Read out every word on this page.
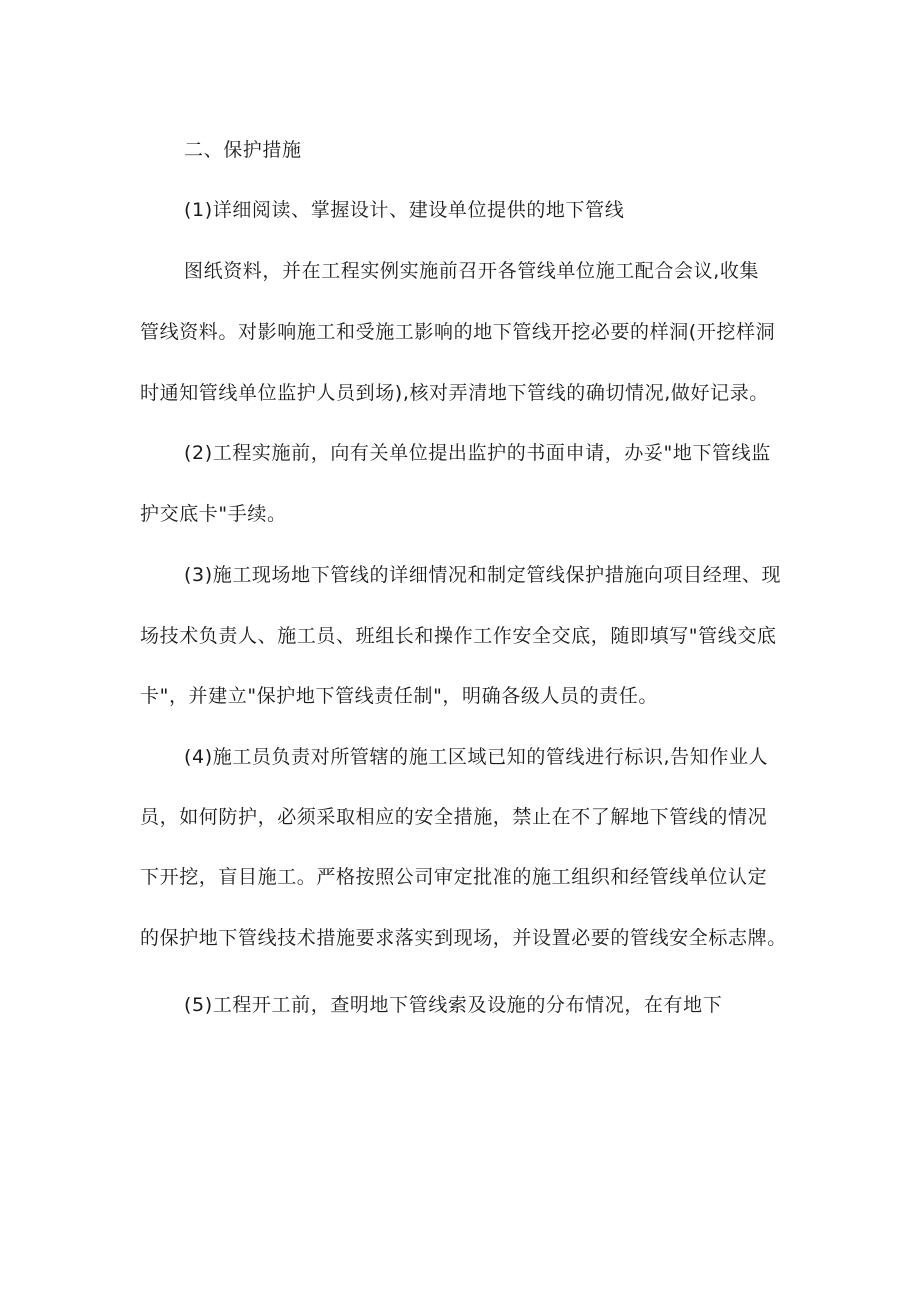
二、保护措施
(1)详细阅读、掌握设计、建设单位提供的地下管线
图纸资料，并在工程实例实施前召开各管线单位施工配合会议,收集
管线资料。对影响施工和受施工影响的地下管线开挖必要的样洞(开挖样洞
时通知管线单位监护人员到场),核对弄清地下管线的确切情况,做好记录。
(2)工程实施前，向有关单位提出监护的书面申请，办妥"地下管线监
护交底卡"手续。
(3)施工现场地下管线的详细情况和制定管线保护措施向项目经理、现
场技术负责人、施工员、班组长和操作工作安全交底，随即填写"管线交底
卡"，并建立"保护地下管线责任制"，明确各级人员的责任。
(4)施工员负责对所管辖的施工区域已知的管线进行标识,告知作业人
员，如何防护，必须采取相应的安全措施，禁止在不了解地下管线的情况
下开挖，盲目施工。严格按照公司审定批准的施工组织和经管线单位认定
的保护地下管线技术措施要求落实到现场，并设置必要的管线安全标志牌。
(5)工程开工前，查明地下管线索及设施的分布情况，在有地下
